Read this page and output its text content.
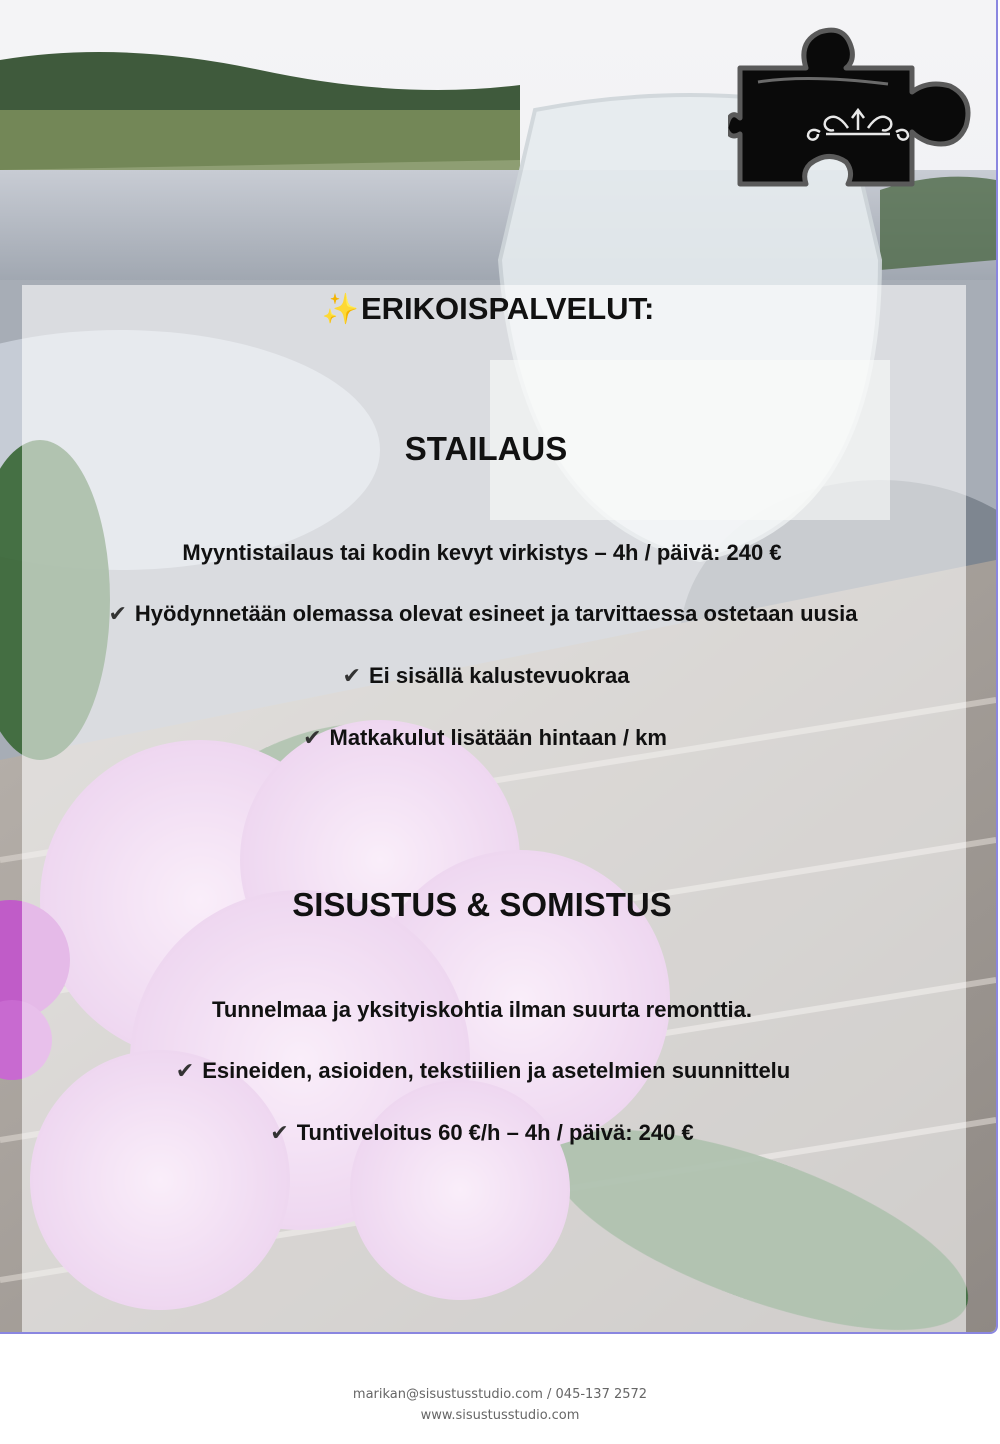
✨ERIKOISPALVELUT:
STAILAUS
Myyntistailaus tai kodin kevyt virkistys – 4h / päivä: 240 €
✔ Hyödynnetään olemassa olevat esineet ja tarvittaessa ostetaan uusia
✔ Ei sisällä kalustevuokraa
✔ Matkakulut lisätään hintaan / km
SISUSTUS & SOMISTUS
Tunnelmaa ja yksityiskohtia ilman suurta remonttia.
✔ Esineiden, asioiden, tekstiilien ja asetelmien suunnittelu
✔ Tuntiveloitus 60 €/h – 4h / päivä: 240 €
marikan@sisustusstudio.com / 045-137 2572
www.sisustusstudio.com
